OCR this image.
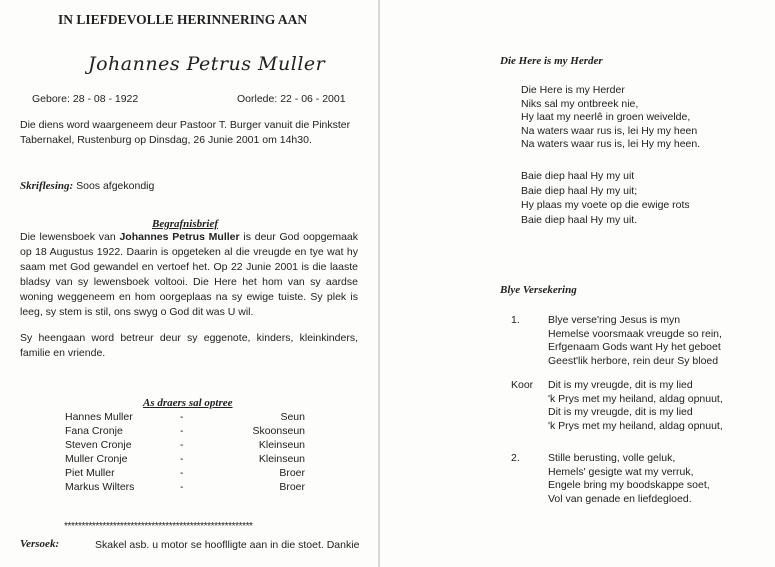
IN LIEFDEVOLLE HERINNERING AAN
Johannes Petrus Muller
Gebore: 28 - 08 - 1922	Oorlede: 22 - 06 - 2001
Die diens word waargeneem deur Pastoor T. Burger vanuit die Pinkster
Tabernakel, Rustenburg op Dinsdag, 26 Junie 2001 om 14h30.
Skriflesing: Soos afgekondig
Begrafnisbrief
Die lewensboek van Johannes Petrus Muller is deur God oopgemaak op 18 Augustus 1922. Daarin is opgeteken al die vreugde en tye wat hy saam met God gewandel en vertoef het. Op 22 Junie 2001 is die laaste bladsy van sy lewensboek voltooi. Die Here het hom van sy aardse woning weggeneem en hom oorgeplaas na sy ewige tuiste. Sy plek is leeg, sy stem is stil, ons swyg o God dit was U wil.
Sy heengaan word betreur deur sy eggenote, kinders, kleinkinders, familie en vriende.
As draers sal optree
Hannes Muller	-	Seun
Fana Cronje	-	Skoonseun
Steven Cronje	-	Kleinseun
Muller Cronje	-	Kleinseun
Piet Muller	-	Broer
Markus Wilters	-	Broer
******************************************************
Versoek:	Skakel asb. u motor se hooflligte aan in die stoet. Dankie
Die Here is my Herder
Die Here is my Herder
Niks sal my ontbreek nie,
Hy laat my neerlê in groen weivelde,
Na waters waar rus is, lei Hy my heen
Na waters waar rus is, lei Hy my heen.
Baie diep haal Hy my uit
Baie diep haal Hy my uit;
Hy plaas my voete op die ewige rots
Baie diep haal Hy my uit.
Blye Versekering
1.	Blye verse'ring Jesus is myn
Hemelse voorsmaak vreugde so rein,
Erfgenaam Gods want Hy het geboet
Geest'lik herbore, rein deur Sy bloed
Koor Dit is my vreugde, dit is my lied
'k Prys met my heiland, aldag opnuut,
Dit is my vreugde, dit is my lied
'k Prys met my heiland, aldag opnuut,
2.	Stille berusting, volle geluk,
Hemels' gesigte wat my verruk,
Engele bring my boodskappe soet,
Vol van genade en liefdegloed.
